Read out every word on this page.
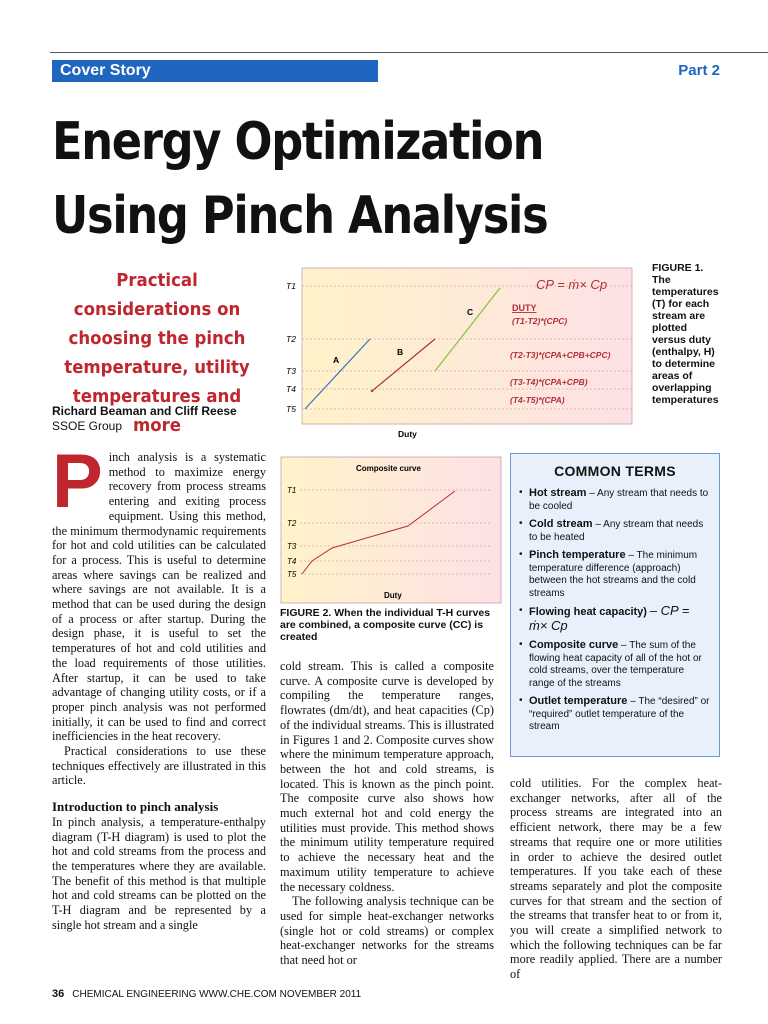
Cover Story	Part 2
Energy Optimization
Using Pinch Analysis
Practical considerations on choosing the pinch temperature, utility temperatures and more
Richard Beaman and Cliff Reese
SSOE Group
T1
T2
T3
T4
T5
A
B
C
CP = ṁ× Cp
DUTY
(T1-T2)*(CPC)
(T2-T3)*(CPA+CPB+CPC)
(T3-T4)*(CPA+CPB)
(T4-T5)*(CPA)
Duty
FIGURE 1.
The temperatures (T) for each stream are plotted versus duty (enthalpy, H) to determine areas of overlapping temperatures
Composite curve
T1
T2
T3
T4
T5
Duty
FIGURE 2. When the individual T-H curves are combined, a composite curve (CC) is created
COMMON TERMS
• Hot stream – Any stream that needs to be cooled
• Cold stream – Any stream that needs to be heated
• Pinch temperature – The minimum temperature difference (approach) between the hot streams and the cold streams
• Flowing heat capacity) – CP = ṁ× Cp
• Composite curve – The sum of the flowing heat capacity of all of the hot or cold streams, over the temperature range of the streams
• Outlet temperature – The “desired” or “required” outlet temperature of the stream
P inch analysis is a systematic method to maximize energy recovery from process streams entering and exiting process equipment. Using this method, the minimum thermodynamic requirements for hot and cold utilities can be calculated for a process. This is useful to determine areas where savings can be realized and where savings are not available. It is a method that can be used during the design of a process or after startup. During the design phase, it is useful to set the temperatures of hot and cold utilities and the load requirements of those utilities. After startup, it can be used to take advantage of changing utility costs, or if a proper pinch analysis was not performed initially, it can be used to find and correct inefficiencies in the heat recovery.

Practical considerations to use these techniques effectively are illustrated in this article.

Introduction to pinch analysis

In pinch analysis, a temperature-enthalpy diagram (T-H diagram) is used to plot the hot and cold streams from the process and the temperatures where they are available. The benefit of this method is that multiple hot and cold streams can be plotted on the T-H diagram and be represented by a single hot stream and a single

cold stream. This is called a composite curve. A composite curve is developed by compiling the temperature ranges, flowrates (dm/dt), and heat capacities (Cp) of the individual streams. This is illustrated in Figures 1 and 2. Composite curves show where the minimum temperature approach, between the hot and cold streams, is located. This is known as the pinch point. The composite curve also shows how much external hot and cold energy the utilities must provide. This method shows the minimum utility temperature required to achieve the necessary heat and the maximum utility temperature to achieve the necessary coldness.

The following analysis technique can be used for simple heat-exchanger networks (single hot or cold streams) or complex heat-exchanger networks for the streams that need hot or

cold utilities. For the complex heat-exchanger networks, after all of the process streams are integrated into an efficient network, there may be a few streams that require one or more utilities in order to achieve the desired outlet temperatures. If you take each of these streams separately and plot the composite curves for that stream and the section of the streams that transfer heat to or from it, you will create a simplified network to which the following techniques can be far more readily applied. There are a number of

36 CHEMICAL ENGINEERING WWW.CHE.COM NOVEMBER 2011
